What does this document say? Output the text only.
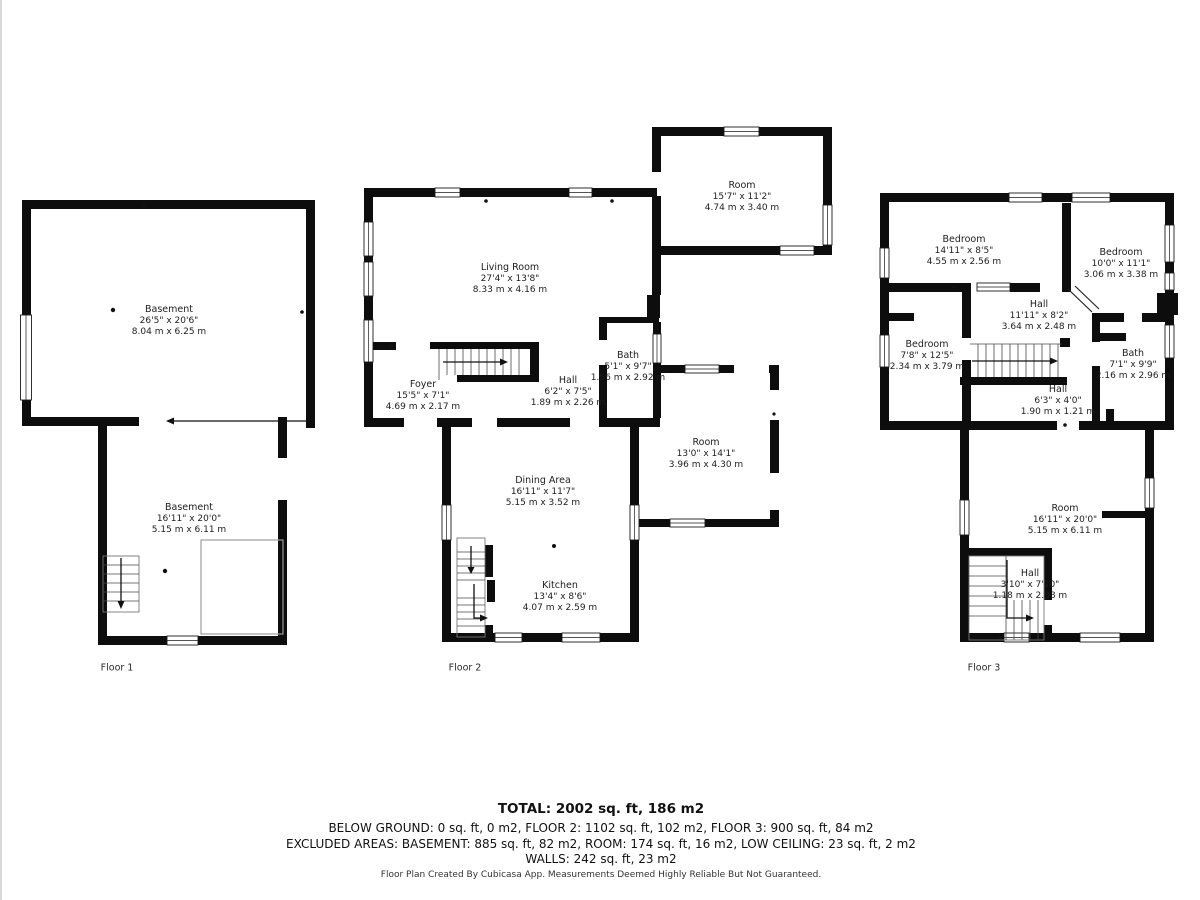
Basement
26'5" x 20'6"
8.04 m x 6.25 m
Basement
16'11" x 20'0"
5.15 m x 6.11 m
Living Room
27'4" x 13'8"
8.33 m x 4.16 m
Room
15'7" x 11'2"
4.74 m x 3.40 m
Foyer
15'5" x 7'1"
4.69 m x 2.17 m
Hall
6'2" x 7'5"
1.89 m x 2.26 m
Bath
5'1" x 9'7"
1.56 m x 2.92 m
Dining Area
16'11" x 11'7"
5.15 m x 3.52 m
Kitchen
13'4" x 8'6"
4.07 m x 2.59 m
Room
13'0" x 14'1"
3.96 m x 4.30 m
Bedroom
14'11" x 8'5"
4.55 m x 2.56 m
Bedroom
10'0" x 11'1"
3.06 m x 3.38 m
Hall
11'11" x 8'2"
3.64 m x 2.48 m
Bedroom
7'8" x 12'5"
2.34 m x 3.79 m
Bath
7'1" x 9'9"
2.16 m x 2.96 m
Hall
6'3" x 4'0"
1.90 m x 1.21 m
Room
16'11" x 20'0"
5.15 m x 6.11 m
Hall
3'10" x 7'10"
1.18 m x 2.38 m
Floor 1	Floor 2	Floor 3
TOTAL: 2002 sq. ft, 186 m2
BELOW GROUND: 0 sq. ft, 0 m2, FLOOR 2: 1102 sq. ft, 102 m2, FLOOR 3: 900 sq. ft, 84 m2
EXCLUDED AREAS: BASEMENT: 885 sq. ft, 82 m2, ROOM: 174 sq. ft, 16 m2, LOW CEILING: 23 sq. ft, 2 m2
WALLS: 242 sq. ft, 23 m2
Floor Plan Created By Cubicasa App. Measurements Deemed Highly Reliable But Not Guaranteed.
